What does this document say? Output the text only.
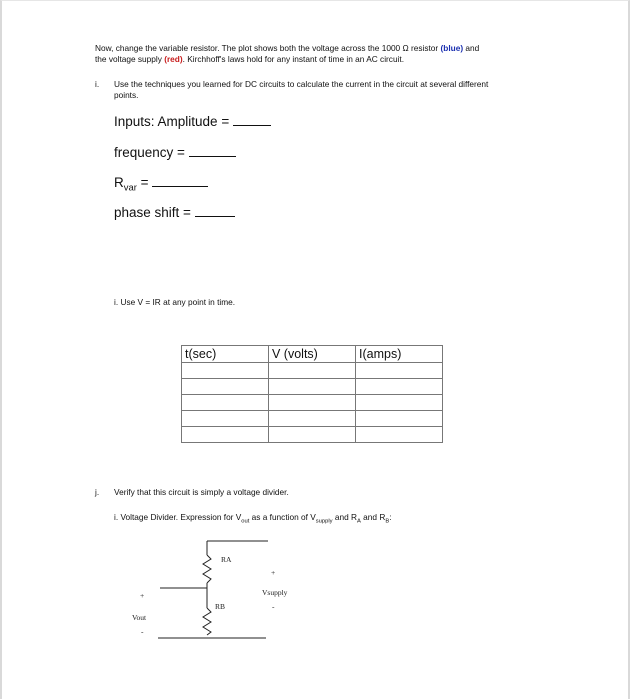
Now, change the variable resistor. The plot shows both the voltage across the 1000 Ω resistor (blue) and
the voltage supply (red). Kirchhoff's laws hold for any instant of time in an AC circuit.
i. Use the techniques you learned for DC circuits to calculate the current in the circuit at several different
points.
Inputs: Amplitude =
frequency =
$R_{var}$ =
phase shift =
i. Use V = IR at any point in time.
t(sec)	V (volts)	I(amps)

j. Verify that this circuit is simply a voltage divider.
i. Voltage Divider. Expression for $V_{out}$ as a function of $V_{supply}$ and $R_A$ and $R_B$:
RA
RB
Vsupply
Vout
+
-
+
-
